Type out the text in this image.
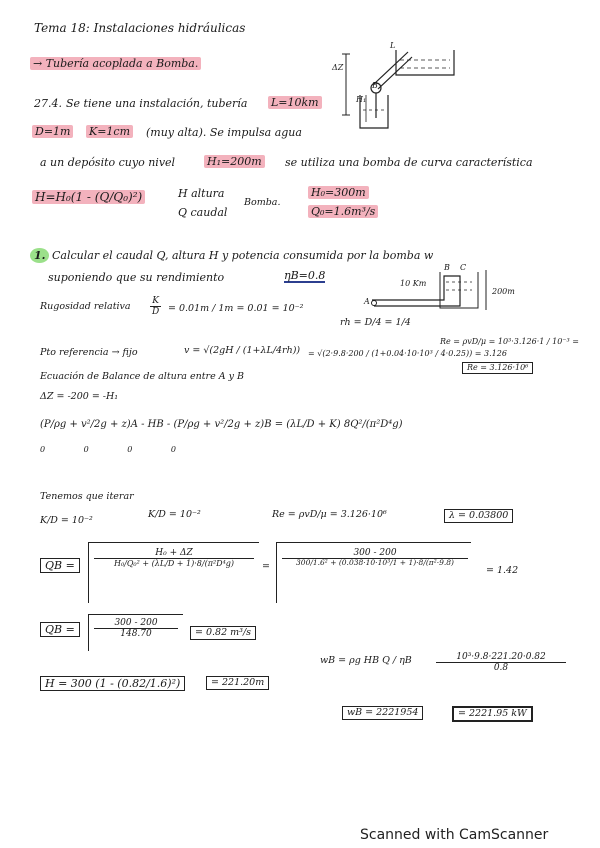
Tema 18: Instalaciones hidráulicas
→ Tubería acoplada a Bomba.
27.4. Se tiene una instalación, tubería L=10km
D=1m K=1cm (muy alta). Se impulsa agua
a un depósito cuyo nivel	H₁=200m se utiliza una bomba de curva característica
H=H₀(1 - (Q/Q₀)²)	H altura
Q caudal
Bomba.
H₀=300m
Q₀=1.6m³/s
ΔZ
H₁
L
B
1. Calcular el caudal Q, altura H y potencia consumida por la bomba w
suponiendo que su rendimiento	ηB=0.8
10 Km
200m
A
B C
Rugosidad relativa $\frac{K}{D} = 0.01m / 1m = 0.01 = 10^{-2}$
rh = D/4 = 1/4
Pto referencia → fijo	v = √(2gH / (1+λL/4rh)) = √(2·9.8·200 / (1+0.04·10·10³ / 4·0.25)) = 3.126
Re = ρvD/μ = 10³·3.126·1 / 10⁻³ =
Re = 3.126·10⁶
Ecuación de Balance de altura entre A y B
ΔZ = -200 = -H₁
(P/ρg + v²/2g + z)A - HB - (P/ρg + v²/2g + z)B = (λL/D + K) 8Q²/(π²D⁴g)
0 0 0 0
Tenemos que iterar
K/D = 10⁻²
K/D = 10⁻²	Re = ρvD/μ = 3.126·10⁶	λ = 0.03800
QB =	$\frac{\text{H₀ + ΔZ}}{\text{H₀/Q₀² + (λL/D + 1)·8/(π²D⁴g)}}$ =
300 - 200
300/1.6² + (0.038·10·10³/1 + 1)·8/(π²·9.8)
= 1.42
QB =	$\frac{300 - 200}{148.70}$	= 0.82 m³/s
H = 300 (1 - (0.82/1.6)²)	= 221.20m
wB = ρg HB Q / ηB	$\frac{\text{10³·9.8·221.20·0.82}}{0.8}$
wB = 2221954	= 2221.95 kW
Scanned with CamScanner
